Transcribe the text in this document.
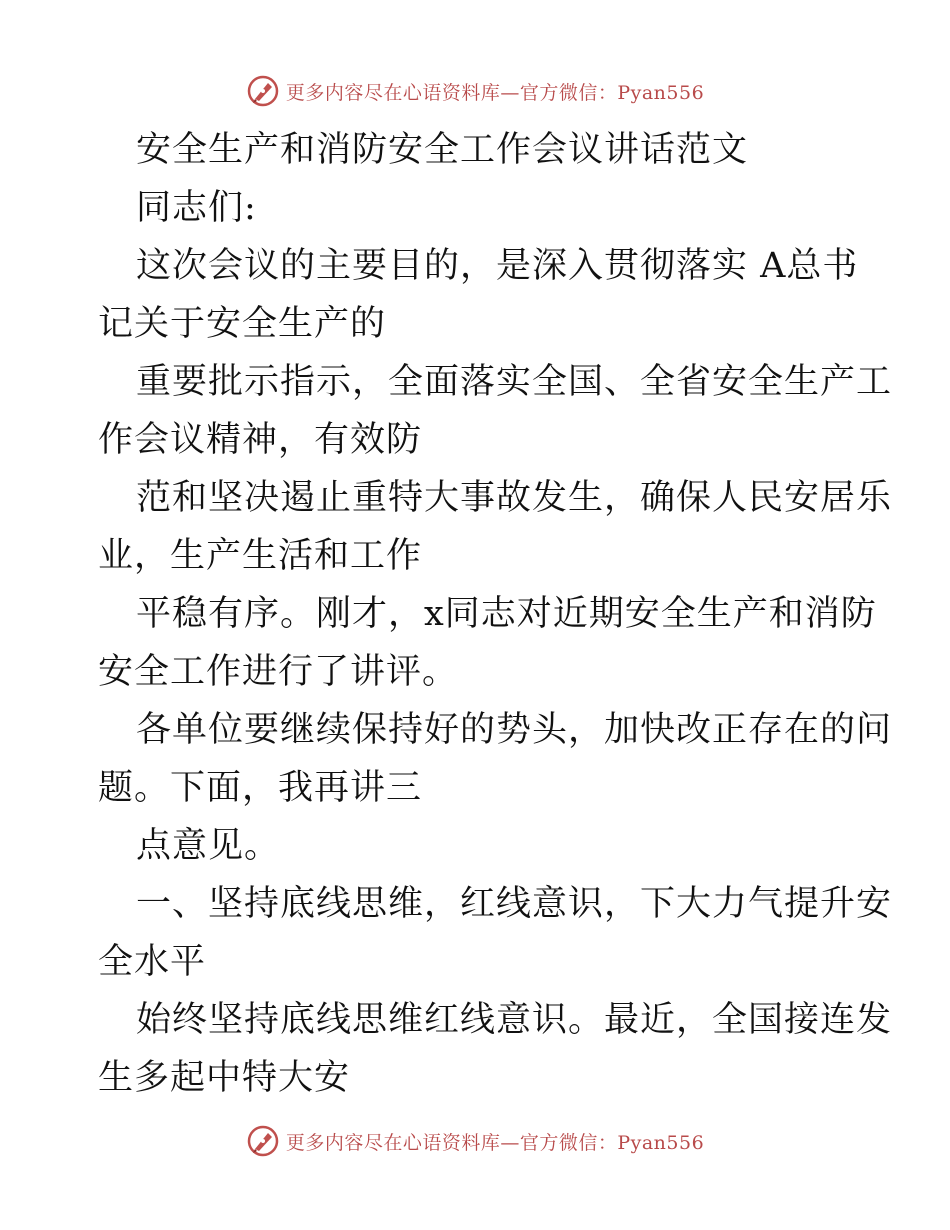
更多内容尽在心语资料库—官方微信：Pyan556
安全生产和消防安全工作会议讲话范文
同志们:
这次会议的主要目的，是深入贯彻落实 A总书
记关于安全生产的
重要批示指示，全面落实全国、全省安全生产工
作会议精神，有效防
范和坚决遏止重特大事故发生，确保人民安居乐
业，生产生活和工作
平稳有序。刚才，x同志对近期安全生产和消防
安全工作进行了讲评。
各单位要继续保持好的势头，加快改正存在的问
题。下面，我再讲三
点意见。
一、坚持底线思维，红线意识，下大力气提升安
全水平
始终坚持底线思维红线意识。最近，全国接连发
生多起中特大安
更多内容尽在心语资料库—官方微信：Pyan556
